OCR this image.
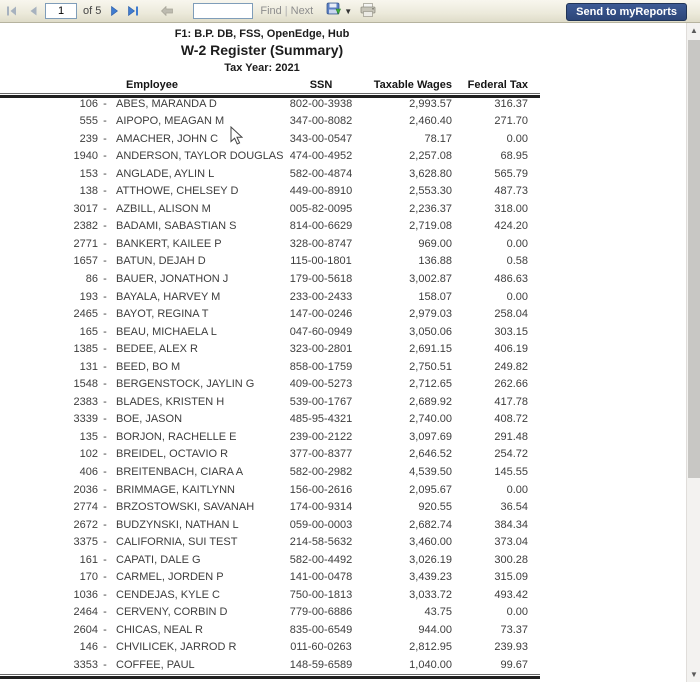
1
of 5	Find | Next	▼	Send to myReports
F1: B.P. DB, FSS, OpenEdge, Hub
W-2 Register (Summary)
Tax Year: 2021
Employee	SSN	Taxable Wages	Federal Tax
106 - ABES, MARANDA D	802-00-3938	2,993.57	316.37
555 - AIPOPO, MEAGAN M	347-00-8082	2,460.40	271.70
239 - AMACHER, JOHN C	343-00-0547	78.17	0.00
1940 - ANDERSON, TAYLOR DOUGLAS 474-00-4952	2,257.08	68.95
153 - ANGLADE, AYLIN L	582-00-4874	3,628.80	565.79
138 - ATTHOWE, CHELSEY D	449-00-8910	2,553.30	487.73
3017 - AZBILL, ALISON M	005-82-0095	2,236.37	318.00
2382 - BADAMI, SABASTIAN S	814-00-6629	2,719.08	424.20
2771 - BANKERT, KAILEE P	328-00-8747	969.00	0.00
1657 - BATUN, DEJAH D	115-00-1801	136.88	0.58
86 - BAUER, JONATHON J	179-00-5618	3,002.87	486.63
193 - BAYALA, HARVEY M	233-00-2433	158.07	0.00
2465 - BAYOT, REGINA T	147-00-0246	2,979.03	258.04
165 - BEAU, MICHAELA L	047-60-0949	3,050.06	303.15
1385 - BEDEE, ALEX R	323-00-2801	2,691.15	406.19
131 - BEED, BO M	858-00-1759	2,750.51	249.82
1548 - BERGENSTOCK, JAYLIN G	409-00-5273	2,712.65	262.66
2383 - BLADES, KRISTEN H	539-00-1767	2,689.92	417.78
3339 - BOE, JASON	485-95-4321	2,740.00	408.72
135 - BORJON, RACHELLE E	239-00-2122	3,097.69	291.48
102 - BREIDEL, OCTAVIO R	377-00-8377	2,646.52	254.72
406 - BREITENBACH, CIARA A	582-00-2982	4,539.50	145.55
2036 - BRIMMAGE, KAITLYNN	156-00-2616	2,095.67	0.00
2774 - BRZOSTOWSKI, SAVANAH	174-00-9314	920.55	36.54
2672 - BUDZYNSKI, NATHAN L	059-00-0003	2,682.74	384.34
3375 - CALIFORNIA, SUI TEST	214-58-5632	3,460.00	373.04
161 - CAPATI, DALE G	582-00-4492	3,026.19	300.28
170 - CARMEL, JORDEN P	141-00-0478	3,439.23	315.09
1036 - CENDEJAS, KYLE C	750-00-1813	3,033.72	493.42
2464 - CERVENY, CORBIN D	779-00-6886	43.75	0.00
2604 - CHICAS, NEAL R	835-00-6549	944.00	73.37
146 - CHVILICEK, JARROD R	011-60-0263	2,812.95	239.93
3353 - COFFEE, PAUL	148-59-6589	1,040.00	99.67
▲
▼
